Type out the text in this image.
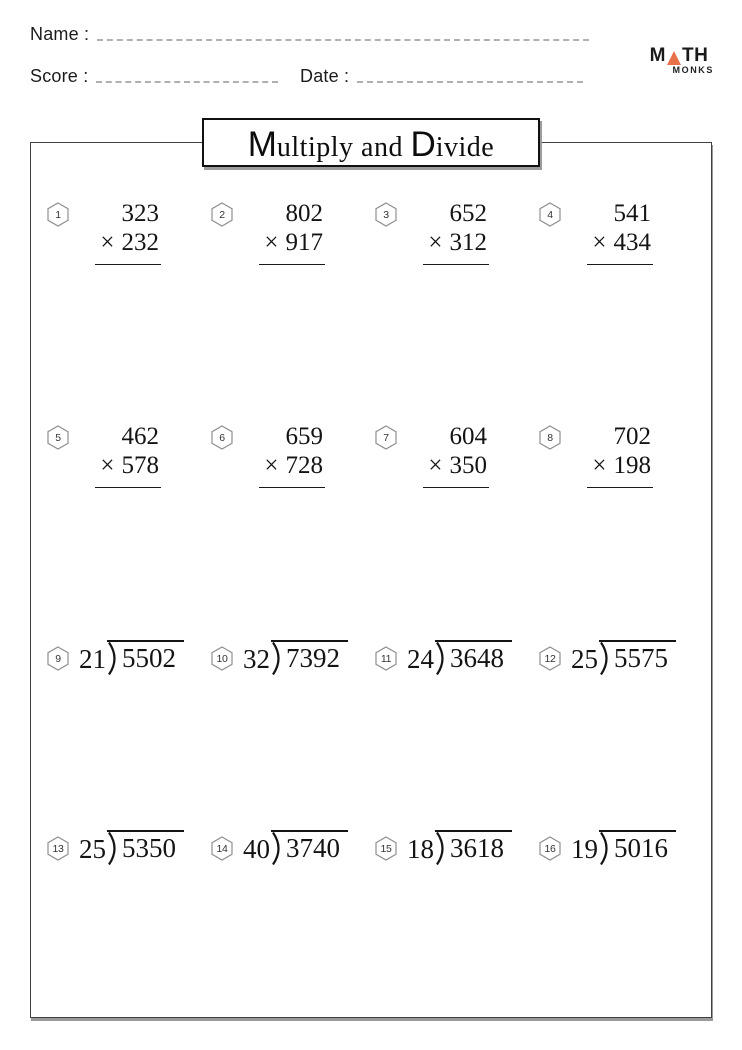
Name :
Score :	Date :
M TH
MONKS
M ultiply and D ivide
1	323
× 232
2	802
× 917
3	652
× 312
4	541
× 434
5	462
× 578
6	659
× 728
7	604
× 350
8	702
× 198
9 21 5502	10 32 7392	11 24 3648	12 25 5575
13 25 5350	14 40 3740	15 18 3618	16 19 5016
